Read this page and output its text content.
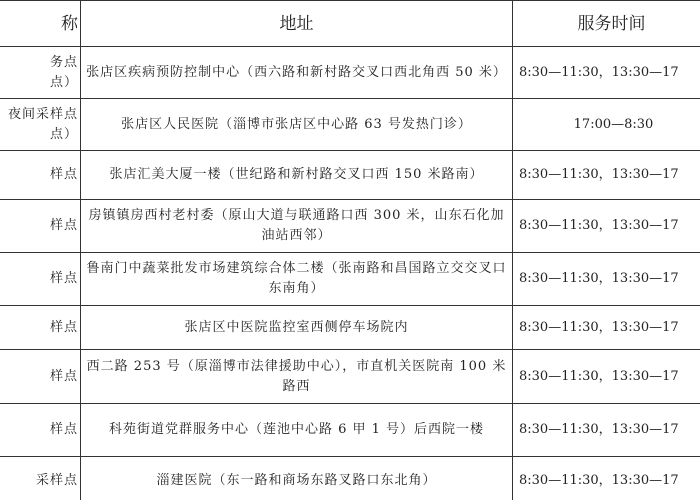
称	地址	服务时间
务点
点）	张店区疾病预防控制中心（西六路和新村路交叉口西北角西 50 米）	8:30—11:30，13:30—17
夜间采样点
点）	张店区人民医院（淄博市张店区中心路 63 号发热门诊）	17:00—8:30
样点	张店汇美大厦一楼（世纪路和新村路交叉口西 150 米路南）	8:30—11:30，13:30—17
样点	房镇镇房西村老村委（原山大道与联通路口西 300 米，山东石化加油站西邻）	8:30—11:30，13:30—17
样点	鲁南门中蔬菜批发市场建筑综合体二楼（张南路和昌国路立交交叉口东南角）	8:30—11:30，13:30—17
样点	张店区中医院监控室西侧停车场院内	8:30—11:30，13:30—17
样点	西二路 253 号（原淄博市法律援助中心），市直机关医院南 100 米路西	8:30—11:30，13:30—17
样点	科苑街道党群服务中心（莲池中心路 6 甲 1 号）后西院一楼	8:30—11:30，13:30—17
采样点	淄建医院（东一路和商场东路叉路口东北角）	8:30—11:30，13:30—17
